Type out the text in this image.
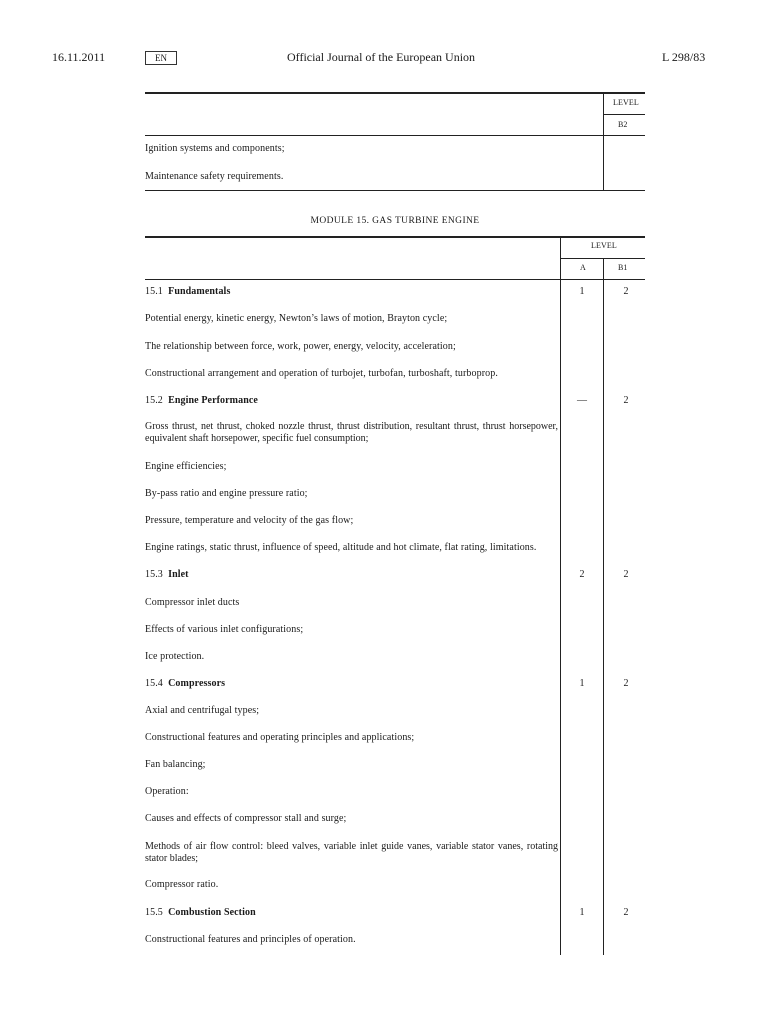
16.11.2011	EN	Official Journal of the European Union	L 298/83
LEVEL
B2
Ignition systems and components;
Maintenance safety requirements.
MODULE 15. GAS TURBINE ENGINE
LEVEL
A	B1
15.1 Fundamentals	1	2
Potential energy, kinetic energy, Newton’s laws of motion, Brayton cycle;
The relationship between force, work, power, energy, velocity, acceleration;
Constructional arrangement and operation of turbojet, turbofan, turboshaft, turboprop.
15.2 Engine Performance	—	2
Gross thrust, net thrust, choked nozzle thrust, thrust distribution, resultant thrust, thrust horsepower, equivalent shaft horsepower, specific fuel consumption;
Engine efficiencies;
By-pass ratio and engine pressure ratio;
Pressure, temperature and velocity of the gas flow;
Engine ratings, static thrust, influence of speed, altitude and hot climate, flat rating, limitations.
15.3 Inlet	2	2
Compressor inlet ducts
Effects of various inlet configurations;
Ice protection.
15.4 Compressors	1	2
Axial and centrifugal types;
Constructional features and operating principles and applications;
Fan balancing;
Operation:
Causes and effects of compressor stall and surge;
Methods of air flow control: bleed valves, variable inlet guide vanes, variable stator vanes, rotating stator blades;
Compressor ratio.
15.5 Combustion Section	1	2
Constructional features and principles of operation.
